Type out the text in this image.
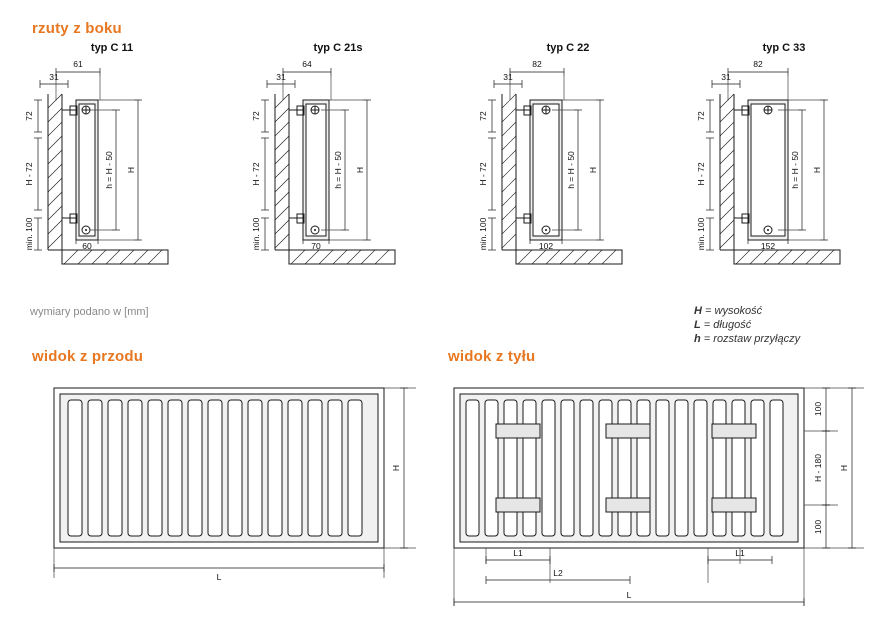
rzuty z boku
typ C 11	typ C 21s	typ C 22	typ C 33
61
31
72
H - 72
min. 100
h = H - 50 H
60
64
31
72
H - 72
min. 100
h = H - 50 H
70
82
31
72
H - 72
min. 100
h = H - 50 H
102
82
31
72
H - 72
min. 100
h = H - 50 H
152
wymiary podano w [mm]	H = wysokość
L = długość
h = rozstaw przyłączy
widok z przodu	widok z tyłu
H
L
100
H - 180
100
H
L1	L1
L2
L
